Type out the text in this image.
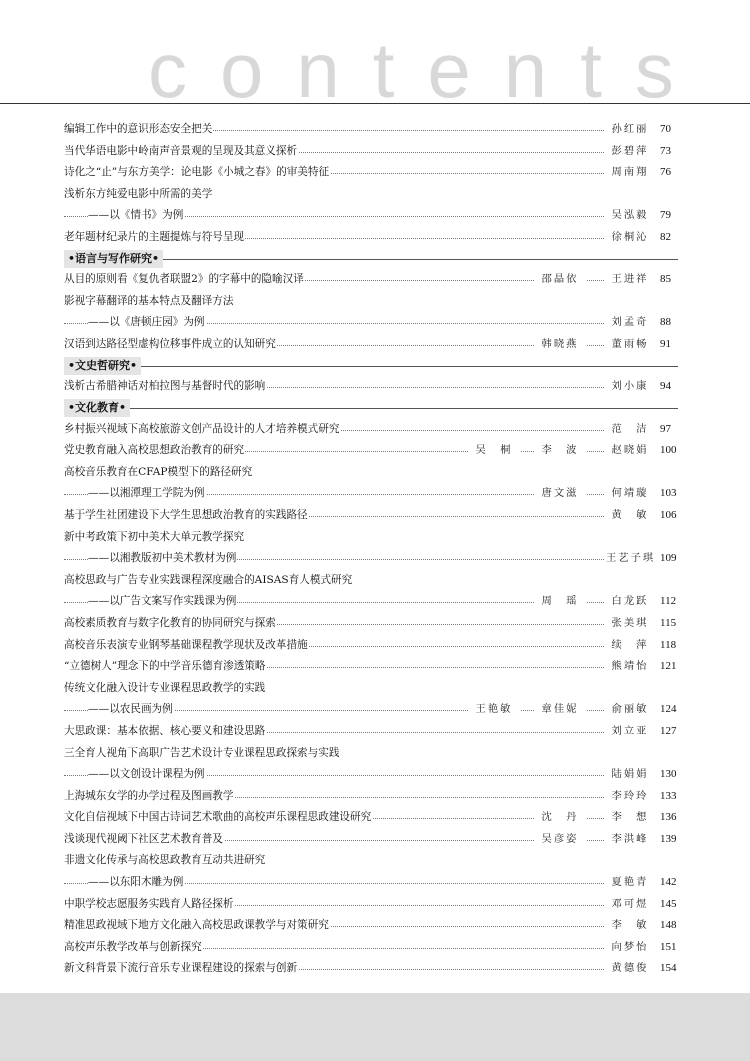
contents
编辑工作中的意识形态安全把关	孙红丽	70
当代华语电影中岭南声音景观的呈现及其意义探析	彭碧萍	73
诗化之“止”与东方美学：论电影《小城之春》的审美特征	周南翔	76
浅析东方纯爱电影中所需的美学
——以《情书》为例	吴泓毅	79
老年题材纪录片的主题提炼与符号呈现	徐桐沁	82
•语言与写作研究•
从目的原则看《复仇者联盟2》的字幕中的隐喻汉译	邵晶依	王进祥	85
影视字幕翻译的基本特点及翻译方法
——以《唐顿庄园》为例	刘孟奇	88
汉语到达路径型虚构位移事件成立的认知研究	韩晓燕	董雨畅	91
•文史哲研究•
浅析古希腊神话对柏拉图与基督时代的影响	刘小康	94
•文化教育•
乡村振兴视域下高校旅游文创产品设计的人才培养模式研究	范　洁	97
党史教育融入高校思想政治教育的研究	吴　桐	李　波	赵晓娟	100
高校音乐教育在CFAP模型下的路径研究
——以湘潭理工学院为例	唐文滋	何靖璇	103
基于学生社团建设下大学生思想政治教育的实践路径	黄　敏	106
新中考政策下初中美术大单元教学探究
——以湘教版初中美术教材为例	王艺子琪 109
高校思政与广告专业实践课程深度融合的AISAS育人模式研究
——以广告文案写作实践课为例	周　瑶	白龙跃	112
高校素质教育与数字化教育的协同研究与探索	张美琪	115
高校音乐表演专业钢琴基础课程教学现状及改革措施	续　萍	118
“立德树人”理念下的中学音乐德育渗透策略	熊靖怡	121
传统文化融入设计专业课程思政教学的实践
——以农民画为例	王艳敏	章佳妮	俞丽敏	124
大思政课：基本依据、核心要义和建设思路	刘立亚	127
三全育人视角下高职广告艺术设计专业课程思政探索与实践
——以文创设计课程为例	陆娟娟	130
上海城东女学的办学过程及图画教学	李玲玲	133
文化自信视域下中国古诗词艺术歌曲的高校声乐课程思政建设研究	沈　丹	李　想	136
浅谈现代视阈下社区艺术教育普及	吴彦姿	李洪峰	139
非遗文化传承与高校思政教育互动共进研究
——以东阳木雕为例	夏艳青	142
中职学校志愿服务实践育人路径探析	邓可煜	145
精准思政视域下地方文化融入高校思政课教学与对策研究	李　敏	148
高校声乐教学改革与创新探究	向梦怡	151
新文科背景下流行音乐专业课程建设的探索与创新	黄德俊	154
